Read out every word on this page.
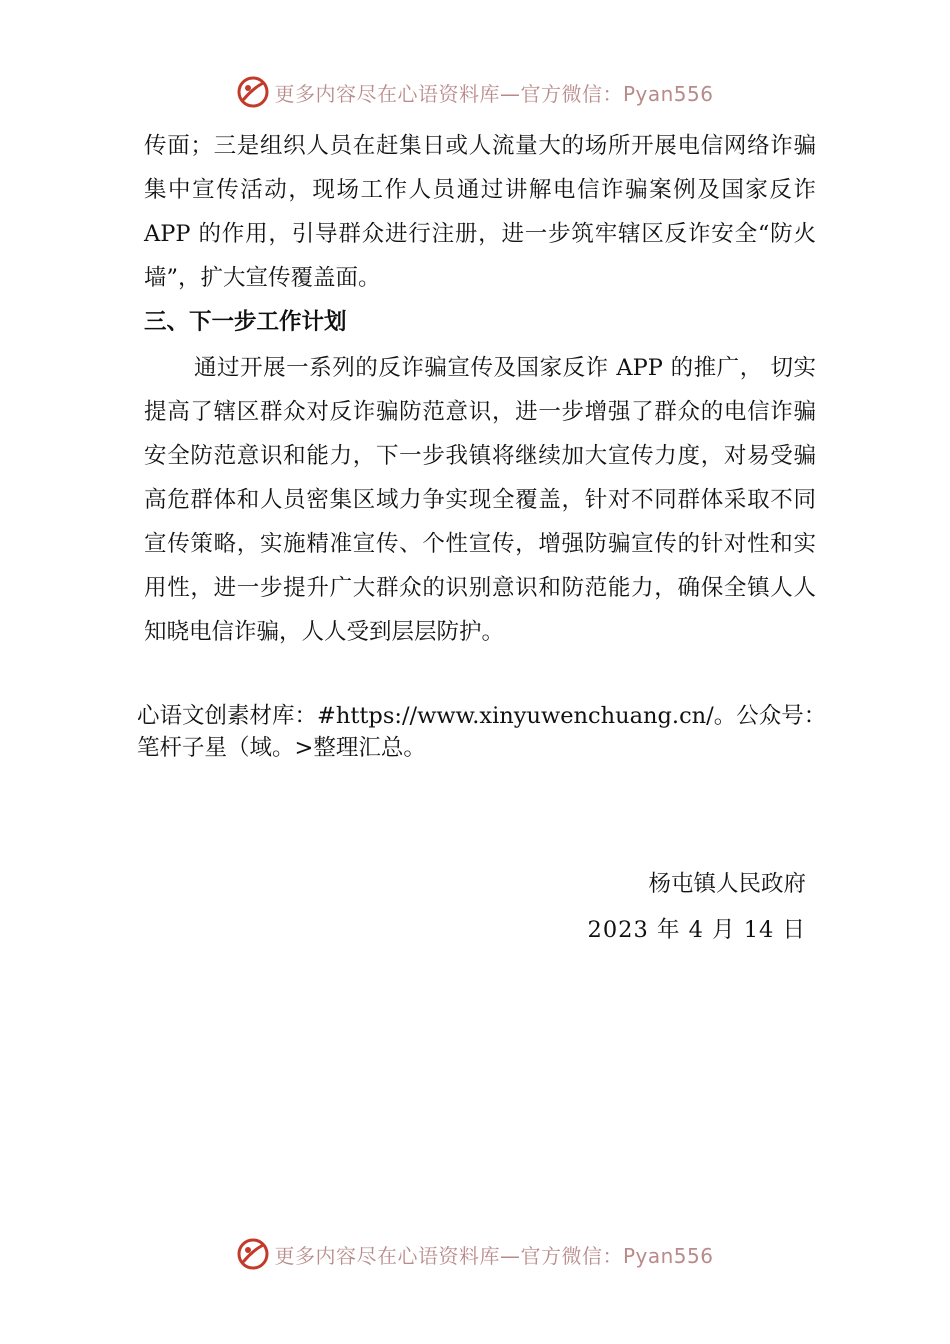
更多内容尽在心语资料库—官方微信：Pyan556

传面；三是组织人员在赶集日或人流量大的场所开展电信网络诈骗集中宣传活动，现场工作人员通过讲解电信诈骗案例及国家反诈 APP 的作用，引导群众进行注册，进一步筑牢辖区反诈安全“防火墙”，扩大宣传覆盖面。

三、下一步工作计划

通过开展一系列的反诈骗宣传及国家反诈 APP 的推广， 切实提高了辖区群众对反诈骗防范意识，进一步增强了群众的电信诈骗安全防范意识和能力，下一步我镇将继续加大宣传力度，对易受骗高危群体和人员密集区域力争实现全覆盖，针对不同群体采取不同宣传策略，实施精准宣传、个性宣传，增强防骗宣传的针对性和实用性，进一步提升广大群众的识别意识和防范能力，确保全镇人人知晓电信诈骗，人人受到层层防护。

心语文创素材库：#https://www.xinyuwenchuang.cn/。公众号：笔杆子星（域。>整理汇总。

杨屯镇人民政府
2023 年 4 月 14 日
更多内容尽在心语资料库—官方微信：Pyan556
